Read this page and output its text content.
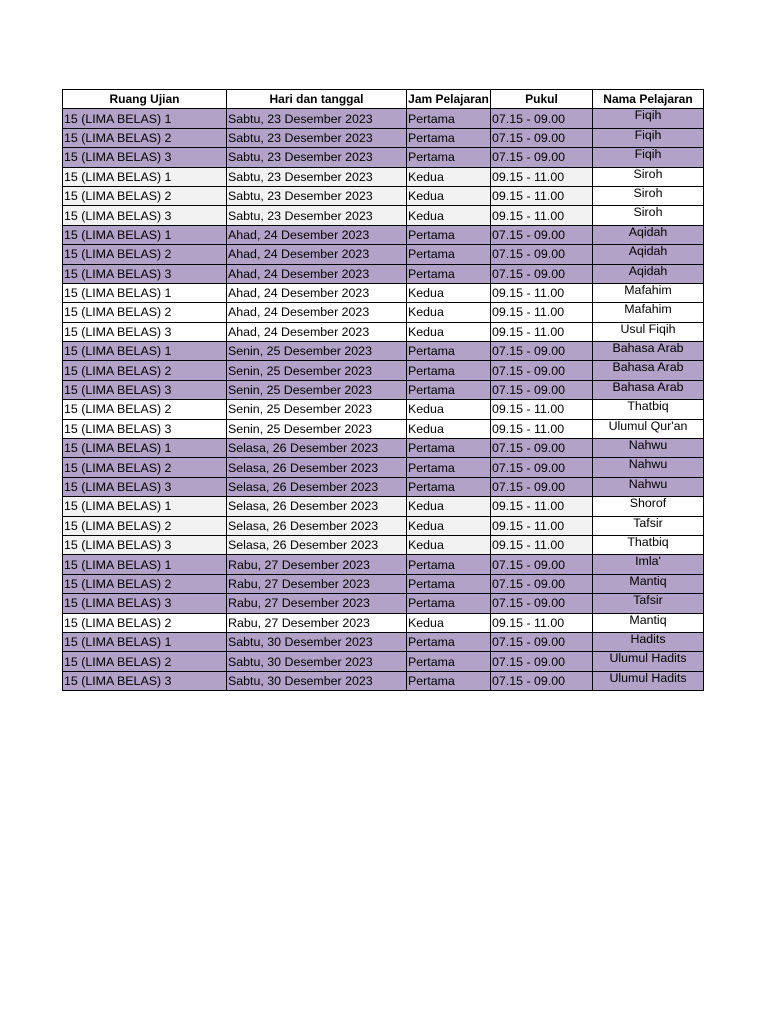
Ruang Ujian	Hari dan tanggal	Jam Pelajaran	Pukul	Nama Pelajaran
15 (LIMA BELAS) 1	Sabtu, 23 Desember 2023	Pertama	07.15 - 09.00	Fiqih
15 (LIMA BELAS) 2	Sabtu, 23 Desember 2023	Pertama	07.15 - 09.00	Fiqih
15 (LIMA BELAS) 3	Sabtu, 23 Desember 2023	Pertama	07.15 - 09.00	Fiqih
15 (LIMA BELAS) 1	Sabtu, 23 Desember 2023	Kedua	09.15 - 11.00	Siroh
15 (LIMA BELAS) 2	Sabtu, 23 Desember 2023	Kedua	09.15 - 11.00	Siroh
15 (LIMA BELAS) 3	Sabtu, 23 Desember 2023	Kedua	09.15 - 11.00	Siroh
15 (LIMA BELAS) 1	Ahad, 24 Desember 2023	Pertama	07.15 - 09.00	Aqidah
15 (LIMA BELAS) 2	Ahad, 24 Desember 2023	Pertama	07.15 - 09.00	Aqidah
15 (LIMA BELAS) 3	Ahad, 24 Desember 2023	Pertama	07.15 - 09.00	Aqidah
15 (LIMA BELAS) 1	Ahad, 24 Desember 2023	Kedua	09.15 - 11.00	Mafahim
15 (LIMA BELAS) 2	Ahad, 24 Desember 2023	Kedua	09.15 - 11.00	Mafahim
15 (LIMA BELAS) 3	Ahad, 24 Desember 2023	Kedua	09.15 - 11.00	Usul Fiqih
15 (LIMA BELAS) 1	Senin, 25 Desember 2023	Pertama	07.15 - 09.00	Bahasa Arab
15 (LIMA BELAS) 2	Senin, 25 Desember 2023	Pertama	07.15 - 09.00	Bahasa Arab
15 (LIMA BELAS) 3	Senin, 25 Desember 2023	Pertama	07.15 - 09.00	Bahasa Arab
15 (LIMA BELAS) 2	Senin, 25 Desember 2023	Kedua	09.15 - 11.00	Thatbiq
15 (LIMA BELAS) 3	Senin, 25 Desember 2023	Kedua	09.15 - 11.00	Ulumul Qur'an
15 (LIMA BELAS) 1	Selasa, 26 Desember 2023	Pertama	07.15 - 09.00	Nahwu
15 (LIMA BELAS) 2	Selasa, 26 Desember 2023	Pertama	07.15 - 09.00	Nahwu
15 (LIMA BELAS) 3	Selasa, 26 Desember 2023	Pertama	07.15 - 09.00	Nahwu
15 (LIMA BELAS) 1	Selasa, 26 Desember 2023	Kedua	09.15 - 11.00	Shorof
15 (LIMA BELAS) 2	Selasa, 26 Desember 2023	Kedua	09.15 - 11.00	Tafsir
15 (LIMA BELAS) 3	Selasa, 26 Desember 2023	Kedua	09.15 - 11.00	Thatbiq
15 (LIMA BELAS) 1	Rabu, 27 Desember 2023	Pertama	07.15 - 09.00	Imla'
15 (LIMA BELAS) 2	Rabu, 27 Desember 2023	Pertama	07.15 - 09.00	Mantiq
15 (LIMA BELAS) 3	Rabu, 27 Desember 2023	Pertama	07.15 - 09.00	Tafsir
15 (LIMA BELAS) 2	Rabu, 27 Desember 2023	Kedua	09.15 - 11.00	Mantiq
15 (LIMA BELAS) 1	Sabtu, 30 Desember 2023	Pertama	07.15 - 09.00	Hadits
15 (LIMA BELAS) 2	Sabtu, 30 Desember 2023	Pertama	07.15 - 09.00	Ulumul Hadits
15 (LIMA BELAS) 3	Sabtu, 30 Desember 2023	Pertama	07.15 - 09.00	Ulumul Hadits
